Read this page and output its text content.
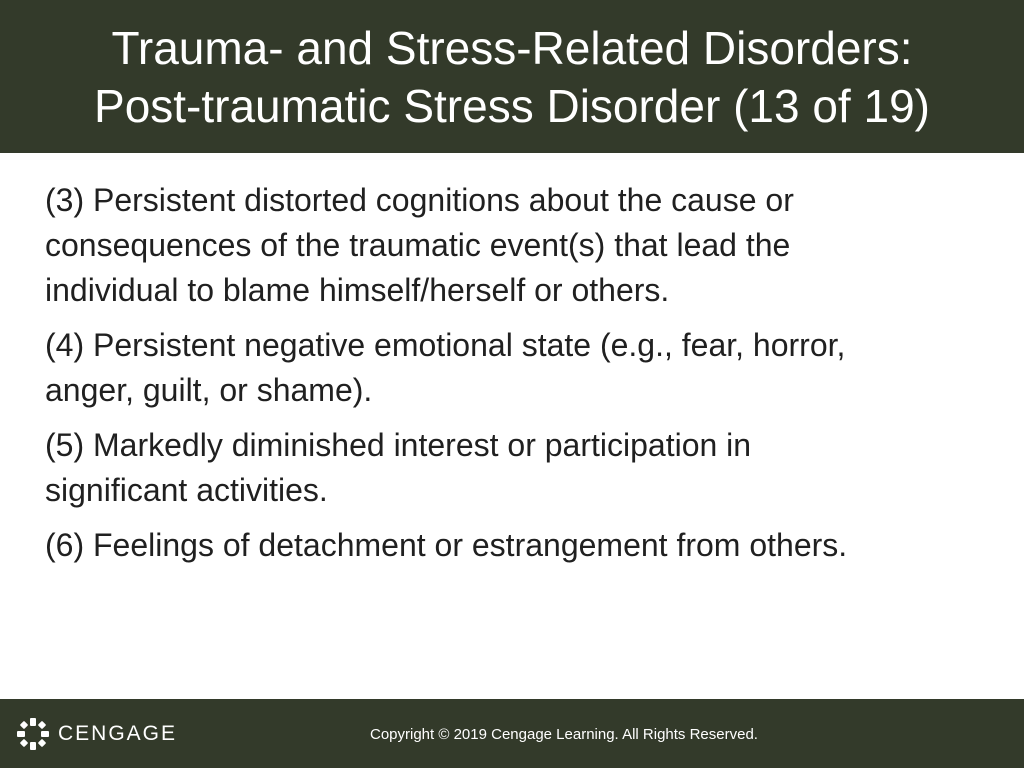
Trauma- and Stress-Related Disorders:
Post-traumatic Stress Disorder (13 of 19)
(3) Persistent distorted cognitions about the cause or
consequences of the traumatic event(s) that lead the
individual to blame himself/herself or others.
(4) Persistent negative emotional state (e.g., fear, horror,
anger, guilt, or shame).
(5) Markedly diminished interest or participation in
significant activities.
(6) Feelings of detachment or estrangement from others.
CENGAGE	Copyright © 2019 Cengage Learning. All Rights Reserved.
